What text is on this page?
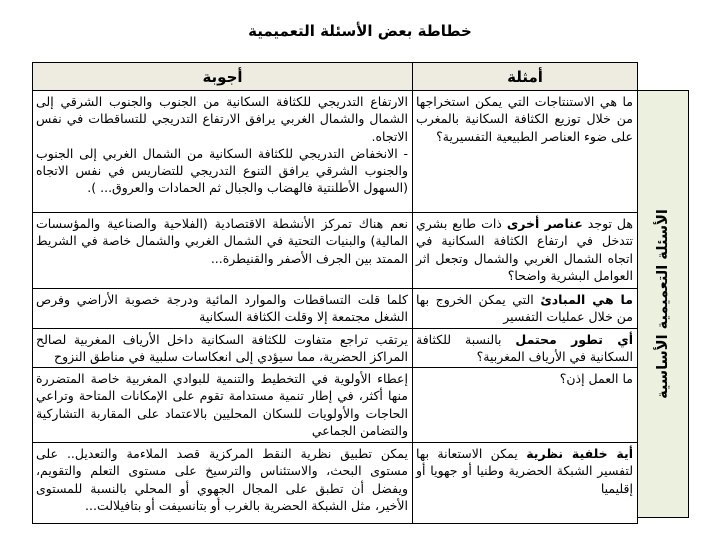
خطاطة بعض الأسئلة التعميمية
أجوبة	أمثلة

الارتفاع التدريجي للكثافة السكانية من الجنوب والجنوب الشرقي إلى الشمال والشمال الغربي يرافق الارتفاع التدريجي للتساقطات في نفس الاتجاه.

- الانخفاض التدريجي للكثافة السكانية من الشمال الغربي إلى الجنوب والجنوب الشرقي يرافق التنوع التدريجي للتضاريس في نفس الاتجاه (السهول الأطلنتية فالهضاب والجبال ثم الحمادات والعروق... ).

ما هي الاستنتاجات التي يمكن استخراجها من خلال توزيع الكثافة السكانية بالمغرب على ضوء العناصر الطبيعية التفسيرية؟

نعم هناك تمركز الأنشطة الاقتصادية (الفلاحية والصناعية والمؤسسات المالية) والبنيات التحتية في الشمال الغربي والشمال خاصة في الشريط الممتد بين الجرف الأصفر والقنيطرة...

هل توجد عناصر أخرى ذات طابع بشري تتدخل في ارتفاع الكثافة السكانية في اتجاه الشمال الغربي والشمال وتجعل اثر العوامل البشرية واضحا؟

كلما قلت التساقطات والموارد المائية ودرجة خصوبة الأراضي وفرص الشغل مجتمعة إلا وقلت الكثافة السكانية

ما هي المبادئ التي يمكن الخروج بها من خلال عمليات التفسير

يرتقب تراجع متفاوت للكثافة السكانية داخل الأرياف المغربية لصالح المراكز الحضرية، مما سيؤدي إلى انعكاسات سلبية في مناطق النزوح

أي تطور محتمل بالنسبة للكثافة السكانية في الأرياف المغربية؟

إعطاء الأولوية في التخطيط والتنمية للبوادي المغربية خاصة المتضررة منها أكثر، في إطار تنمية مستدامة تقوم على الإمكانات المتاحة وتراعي الحاجات والأولويات للسكان المحليين بالاعتماد على المقاربة التشاركية والتضامن الجماعي

ما العمل إذن؟

يمكن تطبيق نظرية النقط المركزية قصد الملاءمة والتعديل.. على مستوى البحث، والاستئناس والترسيخ على مستوى التعلم والتقويم، ويفضل أن تطبق على المجال الجهوي أو المحلي بالنسبة للمستوى الأخير، مثل الشبكة الحضرية بالغرب أو بتانسيفت أو بتافيلالت...

أية خلفية نظرية يمكن الاستعانة بها لتفسير الشبكة الحضرية وطنيا أو جهويا أو إقليميا

الأسئلة التعميمية الأساسية
